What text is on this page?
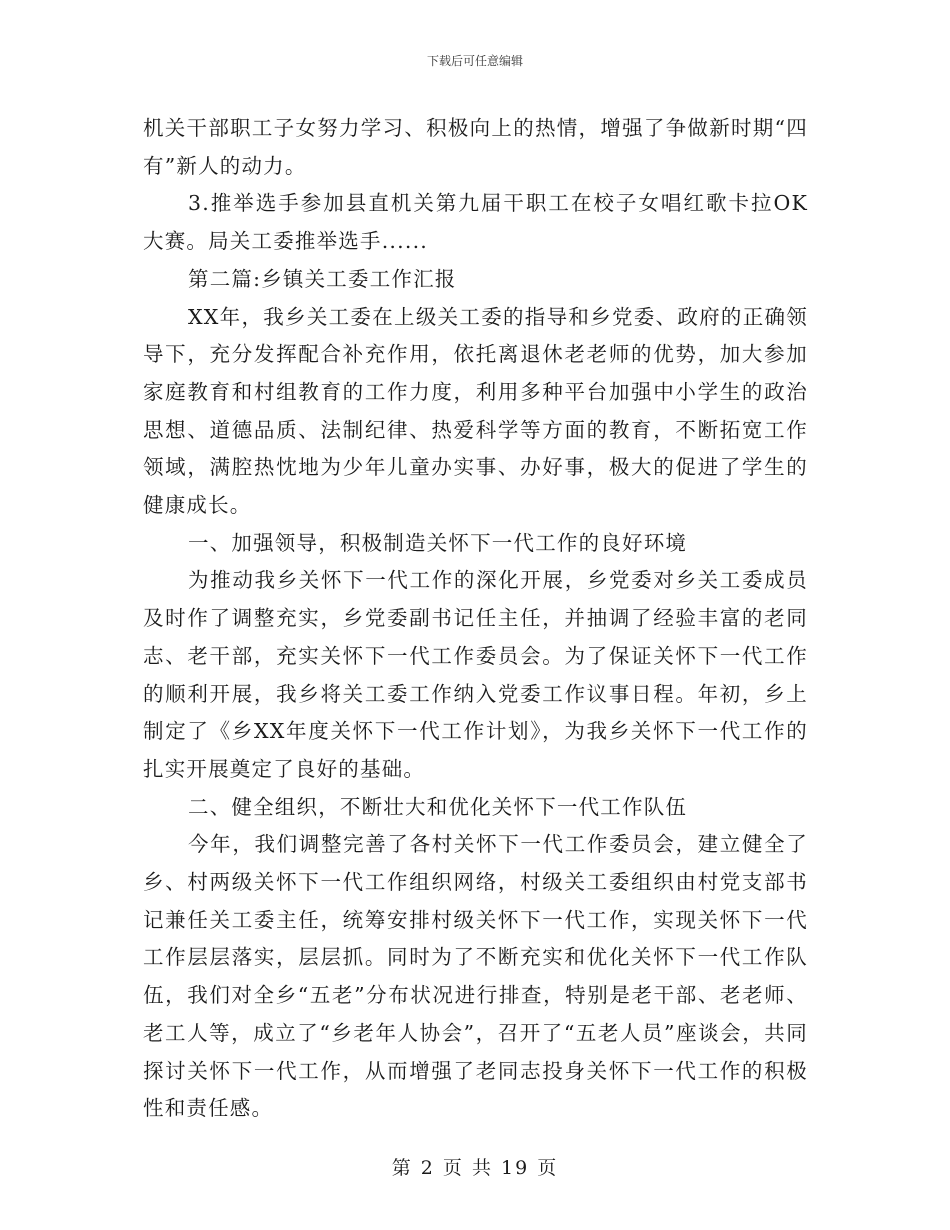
下载后可任意编辑

机关干部职工子女努力学习、积极向上的热情，增强了争做新时期“四有”新人的动力。

3.推举选手参加县直机关第九届干职工在校子女唱红歌卡拉OK大赛。局关工委推举选手......

第二篇:乡镇关工委工作汇报

XX年，我乡关工委在上级关工委的指导和乡党委、政府的正确领导下，充分发挥配合补充作用，依托离退休老老师的优势，加大参加家庭教育和村组教育的工作力度，利用多种平台加强中小学生的政治思想、道德品质、法制纪律、热爱科学等方面的教育，不断拓宽工作领域，满腔热忱地为少年儿童办实事、办好事，极大的促进了学生的健康成长。

一、加强领导，积极制造关怀下一代工作的良好环境

为推动我乡关怀下一代工作的深化开展，乡党委对乡关工委成员及时作了调整充实，乡党委副书记任主任，并抽调了经验丰富的老同志、老干部，充实关怀下一代工作委员会。为了保证关怀下一代工作的顺利开展，我乡将关工委工作纳入党委工作议事日程。年初，乡上制定了《乡XX年度关怀下一代工作计划》，为我乡关怀下一代工作的扎实开展奠定了良好的基础。

二、健全组织，不断壮大和优化关怀下一代工作队伍

今年，我们调整完善了各村关怀下一代工作委员会，建立健全了乡、村两级关怀下一代工作组织网络，村级关工委组织由村党支部书记兼任关工委主任，统筹安排村级关怀下一代工作，实现关怀下一代工作层层落实，层层抓。同时为了不断充实和优化关怀下一代工作队伍，我们对全乡“五老”分布状况进行排查，特别是老干部、老老师、老工人等，成立了“乡老年人协会”，召开了“五老人员”座谈会，共同探讨关怀下一代工作，从而增强了老同志投身关怀下一代工作的积极性和责任感。

第 2 页 共 19 页
